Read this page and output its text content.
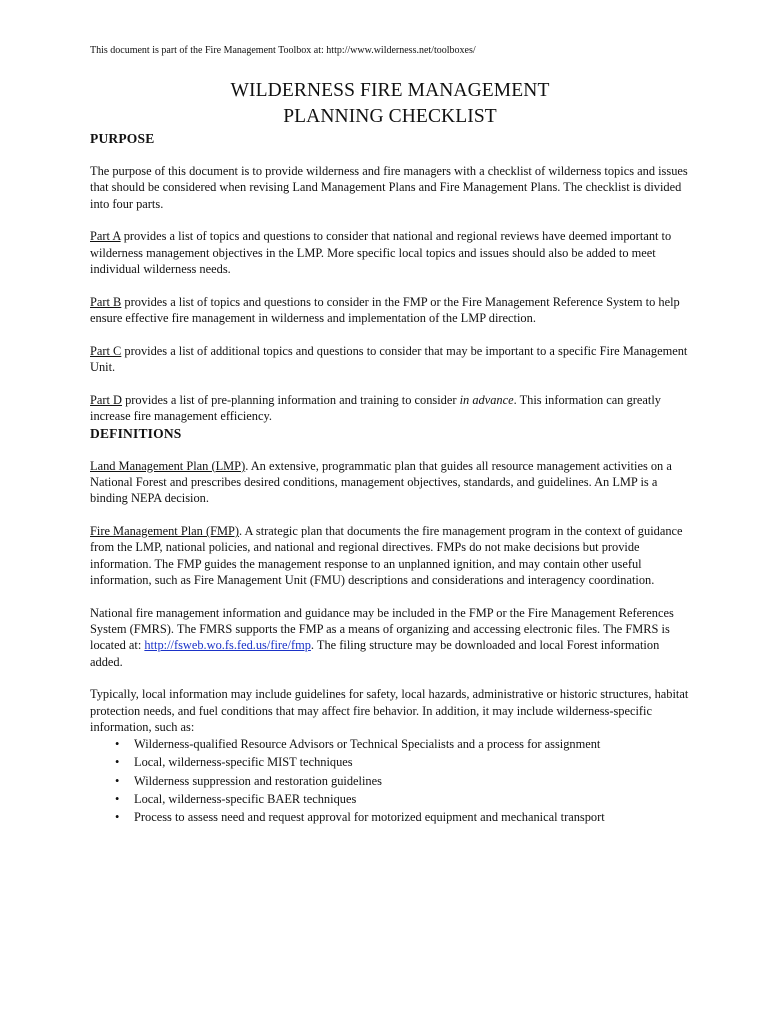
This document is part of the Fire Management Toolbox at: http://www.wilderness.net/toolboxes/

WILDERNESS FIRE MANAGEMENT
PLANNING CHECKLIST
PURPOSE

The purpose of this document is to provide wilderness and fire managers with a checklist of wilderness topics and issues that should be considered when revising Land Management Plans and Fire Management Plans. The checklist is divided into four parts.

Part A provides a list of topics and questions to consider that national and regional reviews have deemed important to wilderness management objectives in the LMP. More specific local topics and issues should also be added to meet individual wilderness needs.

Part B provides a list of topics and questions to consider in the FMP or the Fire Management Reference System to help ensure effective fire management in wilderness and implementation of the LMP direction.

Part C provides a list of additional topics and questions to consider that may be important to a specific Fire Management Unit.

Part D provides a list of pre-planning information and training to consider in advance. This information can greatly increase fire management efficiency.

DEFINITIONS

Land Management Plan (LMP). An extensive, programmatic plan that guides all resource management activities on a National Forest and prescribes desired conditions, management objectives, standards, and guidelines. An LMP is a binding NEPA decision.

Fire Management Plan (FMP). A strategic plan that documents the fire management program in the context of guidance from the LMP, national policies, and national and regional directives. FMPs do not make decisions but provide information. The FMP guides the management response to an unplanned ignition, and may contain other useful information, such as Fire Management Unit (FMU) descriptions and considerations and interagency coordination.

National fire management information and guidance may be included in the FMP or the Fire Management References System (FMRS). The FMRS supports the FMP as a means of organizing and accessing electronic files. The FMRS is located at: http://fsweb.wo.fs.fed.us/fire/fmp. The filing structure may be downloaded and local Forest information added.

Typically, local information may include guidelines for safety, local hazards, administrative or historic structures, habitat protection needs, and fuel conditions that may affect fire behavior. In addition, it may include wilderness-specific information, such as:

• Wilderness-qualified Resource Advisors or Technical Specialists and a process for assignment
• Local, wilderness-specific MIST techniques
• Wilderness suppression and restoration guidelines
• Local, wilderness-specific BAER techniques
• Process to assess need and request approval for motorized equipment and mechanical transport
